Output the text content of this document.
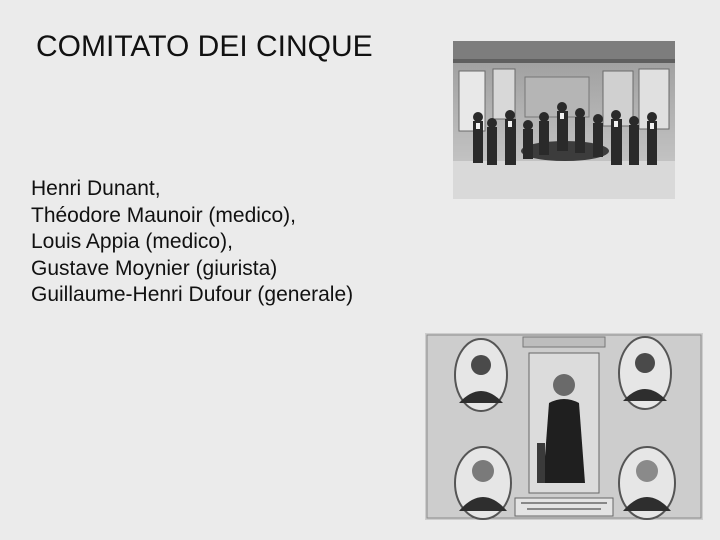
COMITATO DEI CINQUE
Henri Dunant,
Théodore Maunoir (medico),
Louis Appia (medico),
Gustave Moynier (giurista)
Guillaume-Henri Dufour (generale)
